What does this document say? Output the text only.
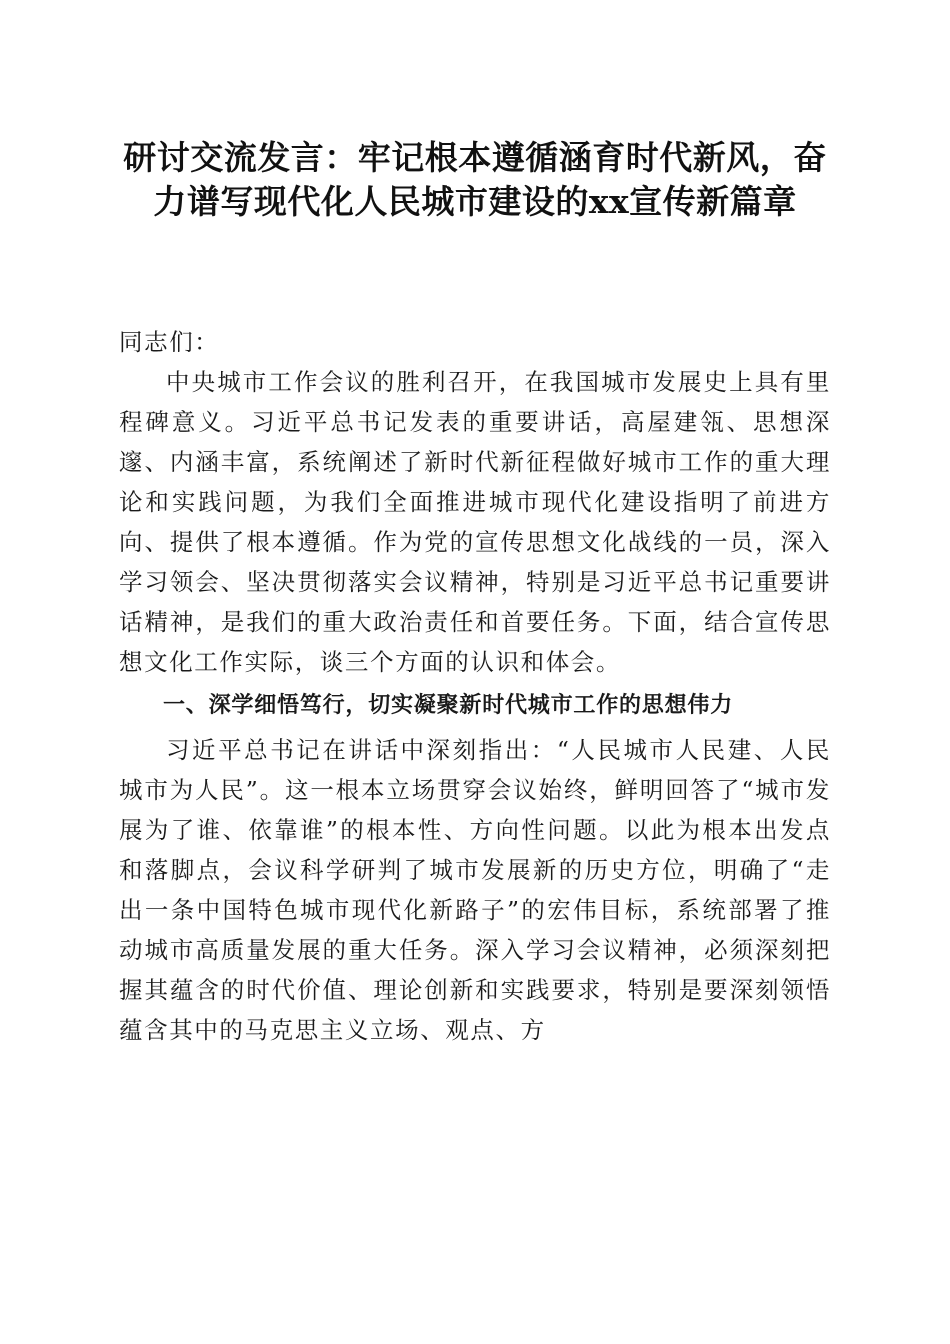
研讨交流发言：牢记根本遵循涵育时代新风，奋力谱写现代化人民城市建设的xx宣传新篇章

同志们：

中央城市工作会议的胜利召开，在我国城市发展史上具有里程碑意义。习近平总书记发表的重要讲话，高屋建瓴、思想深邃、内涵丰富，系统阐述了新时代新征程做好城市工作的重大理论和实践问题，为我们全面推进城市现代化建设指明了前进方向、提供了根本遵循。作为党的宣传思想文化战线的一员，深入学习领会、坚决贯彻落实会议精神，特别是习近平总书记重要讲话精神，是我们的重大政治责任和首要任务。下面，结合宣传思想文化工作实际，谈三个方面的认识和体会。

一、深学细悟笃行，切实凝聚新时代城市工作的思想伟力

习近平总书记在讲话中深刻指出：“人民城市人民建、人民城市为人民”。这一根本立场贯穿会议始终，鲜明回答了“城市发展为了谁、依靠谁”的根本性、方向性问题。以此为根本出发点和落脚点，会议科学研判了城市发展新的历史方位，明确了“走出一条中国特色城市现代化新路子”的宏伟目标，系统部署了推动城市高质量发展的重大任务。深入学习会议精神，必须深刻把握其蕴含的时代价值、理论创新和实践要求，特别是要深刻领悟蕴含其中的马克思主义立场、观点、方
